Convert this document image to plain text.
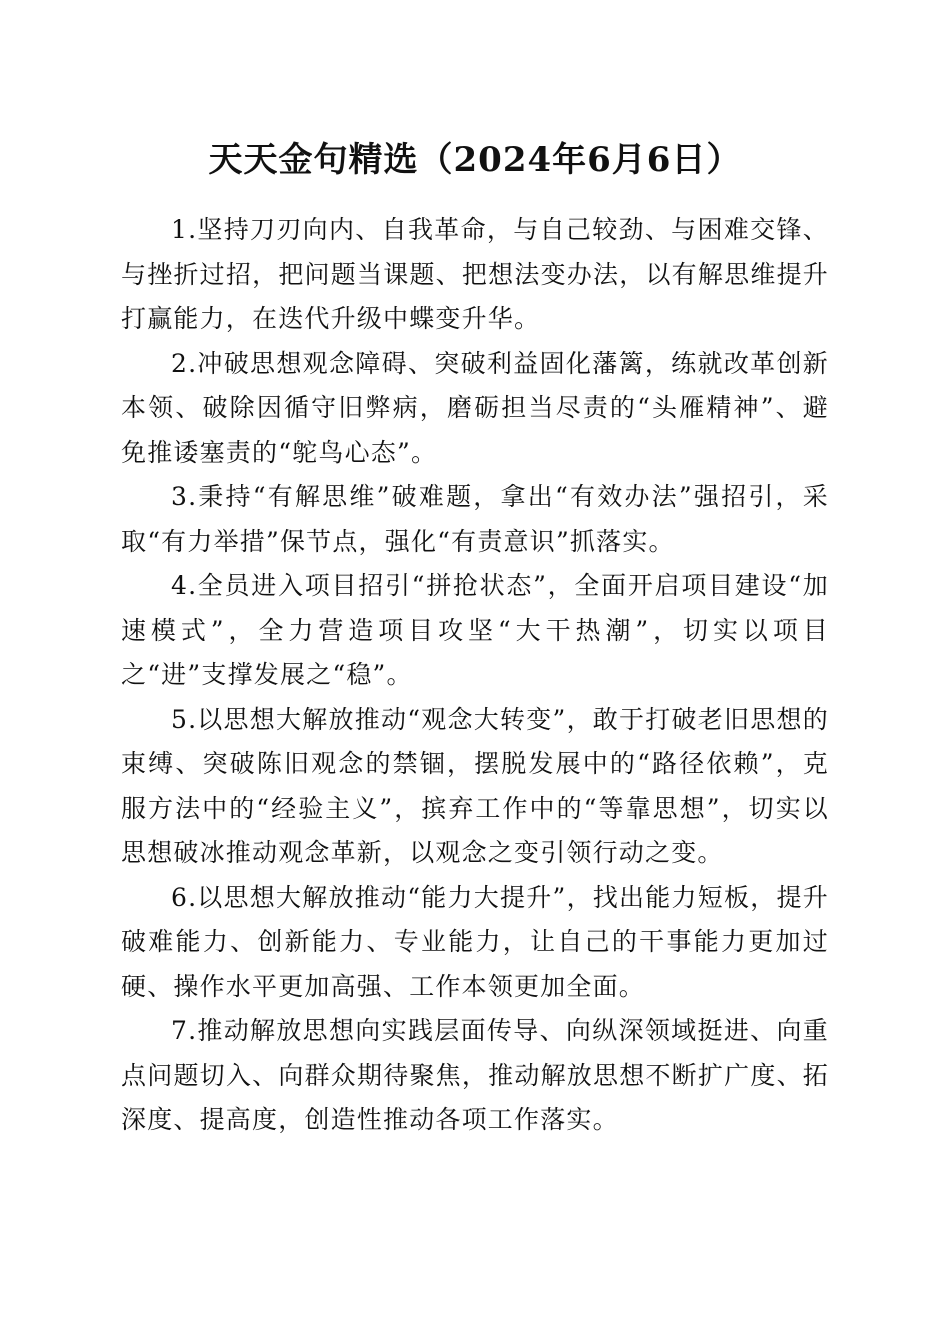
天天金句精选（2024年6月6日）

1.坚持刀刃向内、自我革命，与自己较劲、与困难交锋、与挫折过招，把问题当课题、把想法变办法，以有解思维提升打赢能力，在迭代升级中蝶变升华。

2.冲破思想观念障碍、突破利益固化藩篱，练就改革创新本领、破除因循守旧弊病，磨砺担当尽责的“头雁精神”、避免推诿塞责的“鸵鸟心态”。

3.秉持“有解思维”破难题，拿出“有效办法”强招引，采取“有力举措”保节点，强化“有责意识”抓落实。

4.全员进入项目招引“拼抢状态”，全面开启项目建设“加速模式”，全力营造项目攻坚“大干热潮”，切实以项目之“进”支撑发展之“稳”。

5.以思想大解放推动“观念大转变”，敢于打破老旧思想的束缚、突破陈旧观念的禁锢，摆脱发展中的“路径依赖”，克服方法中的“经验主义”，摈弃工作中的“等靠思想”，切实以思想破冰推动观念革新，以观念之变引领行动之变。

6.以思想大解放推动“能力大提升”，找出能力短板，提升破难能力、创新能力、专业能力，让自己的干事能力更加过硬、操作水平更加高强、工作本领更加全面。

7.推动解放思想向实践层面传导、向纵深领域挺进、向重点问题切入、向群众期待聚焦，推动解放思想不断扩广度、拓深度、提高度，创造性推动各项工作落实。
